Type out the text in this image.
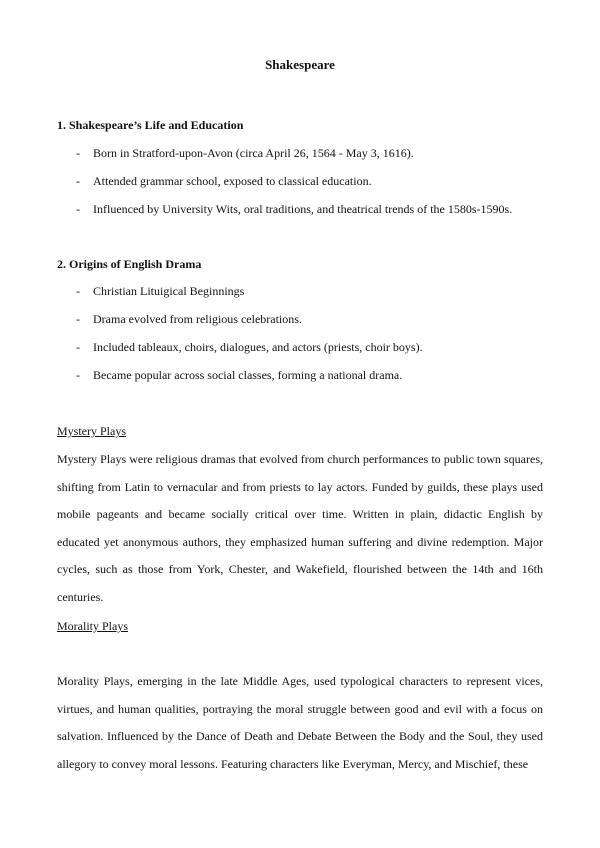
Shakespeare
1. Shakespeare’s Life and Education
- Born in Stratford-upon-Avon (circa April 26, 1564 - May 3, 1616).
- Attended grammar school, exposed to classical education.
- Influenced by University Wits, oral traditions, and theatrical trends of the 1580s-1590s.
2. Origins of English Drama
- Christian Lituigical Beginnings
- Drama evolved from religious celebrations.
- Included tableaux, choirs, dialogues, and actors (priests, choir boys).
- Became popular across social classes, forming a national drama.
Mystery Plays

Mystery Plays were religious dramas that evolved from church performances to public town squares, shifting from Latin to vernacular and from priests to lay actors. Funded by guilds, these plays used mobile pageants and became socially critical over time. Written in plain, didactic English by educated yet anonymous authors, they emphasized human suffering and divine redemption. Major cycles, such as those from York, Chester, and Wakefield, flourished between the 14th and 16th centuries.

Morality Plays

Morality Plays, emerging in the late Middle Ages, used typological characters to represent vices, virtues, and human qualities, portraying the moral struggle between good and evil with a focus on salvation. Influenced by the Dance of Death and Debate Between the Body and the Soul, they used allegory to convey moral lessons. Featuring characters like Everyman, Mercy, and Mischief, these
